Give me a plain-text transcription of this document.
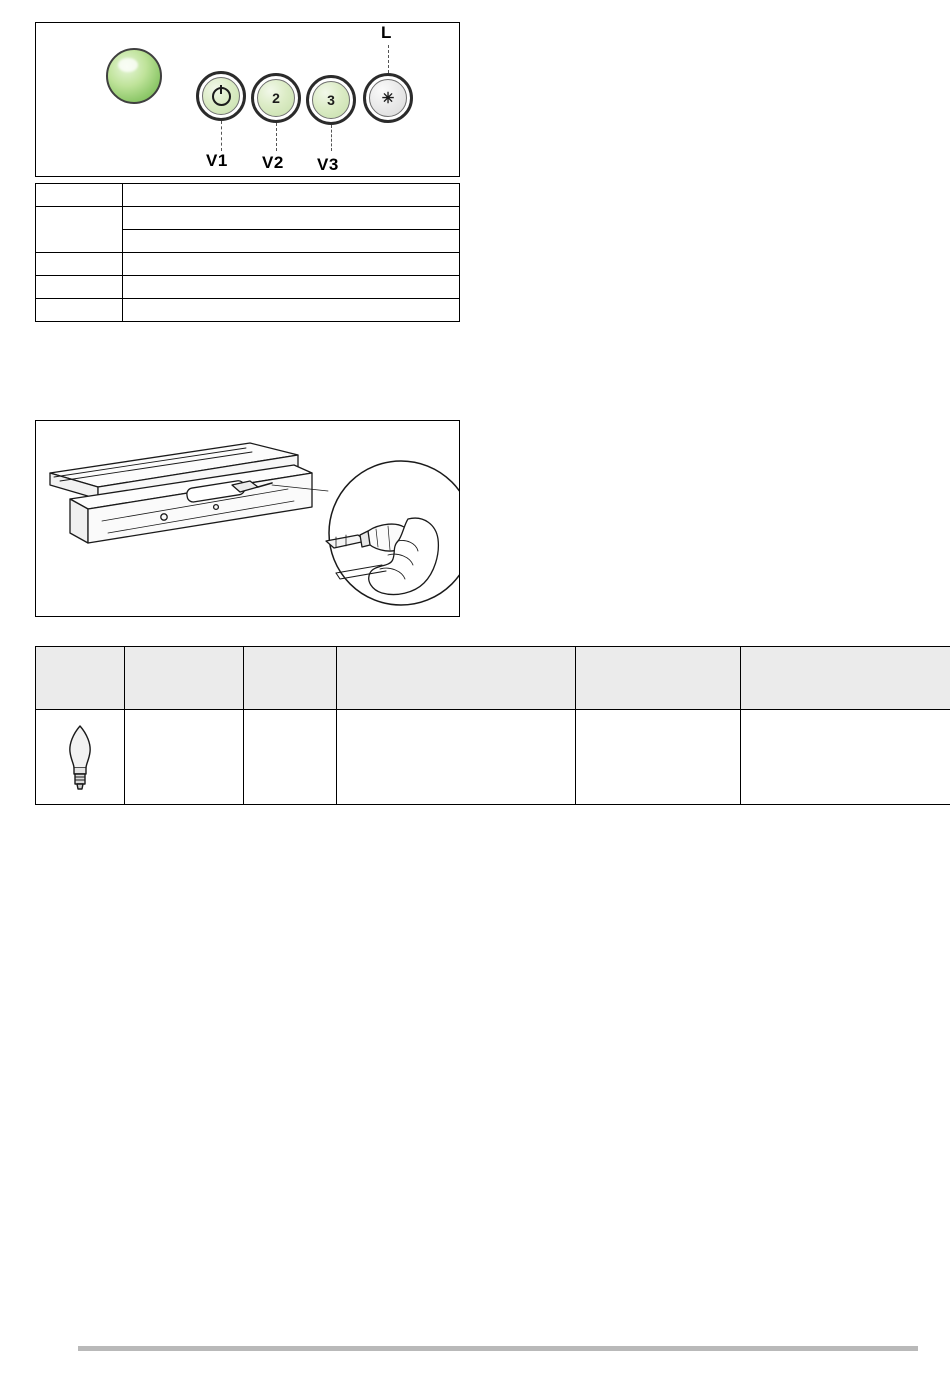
2	3	✳
L
V1 V2 V3
